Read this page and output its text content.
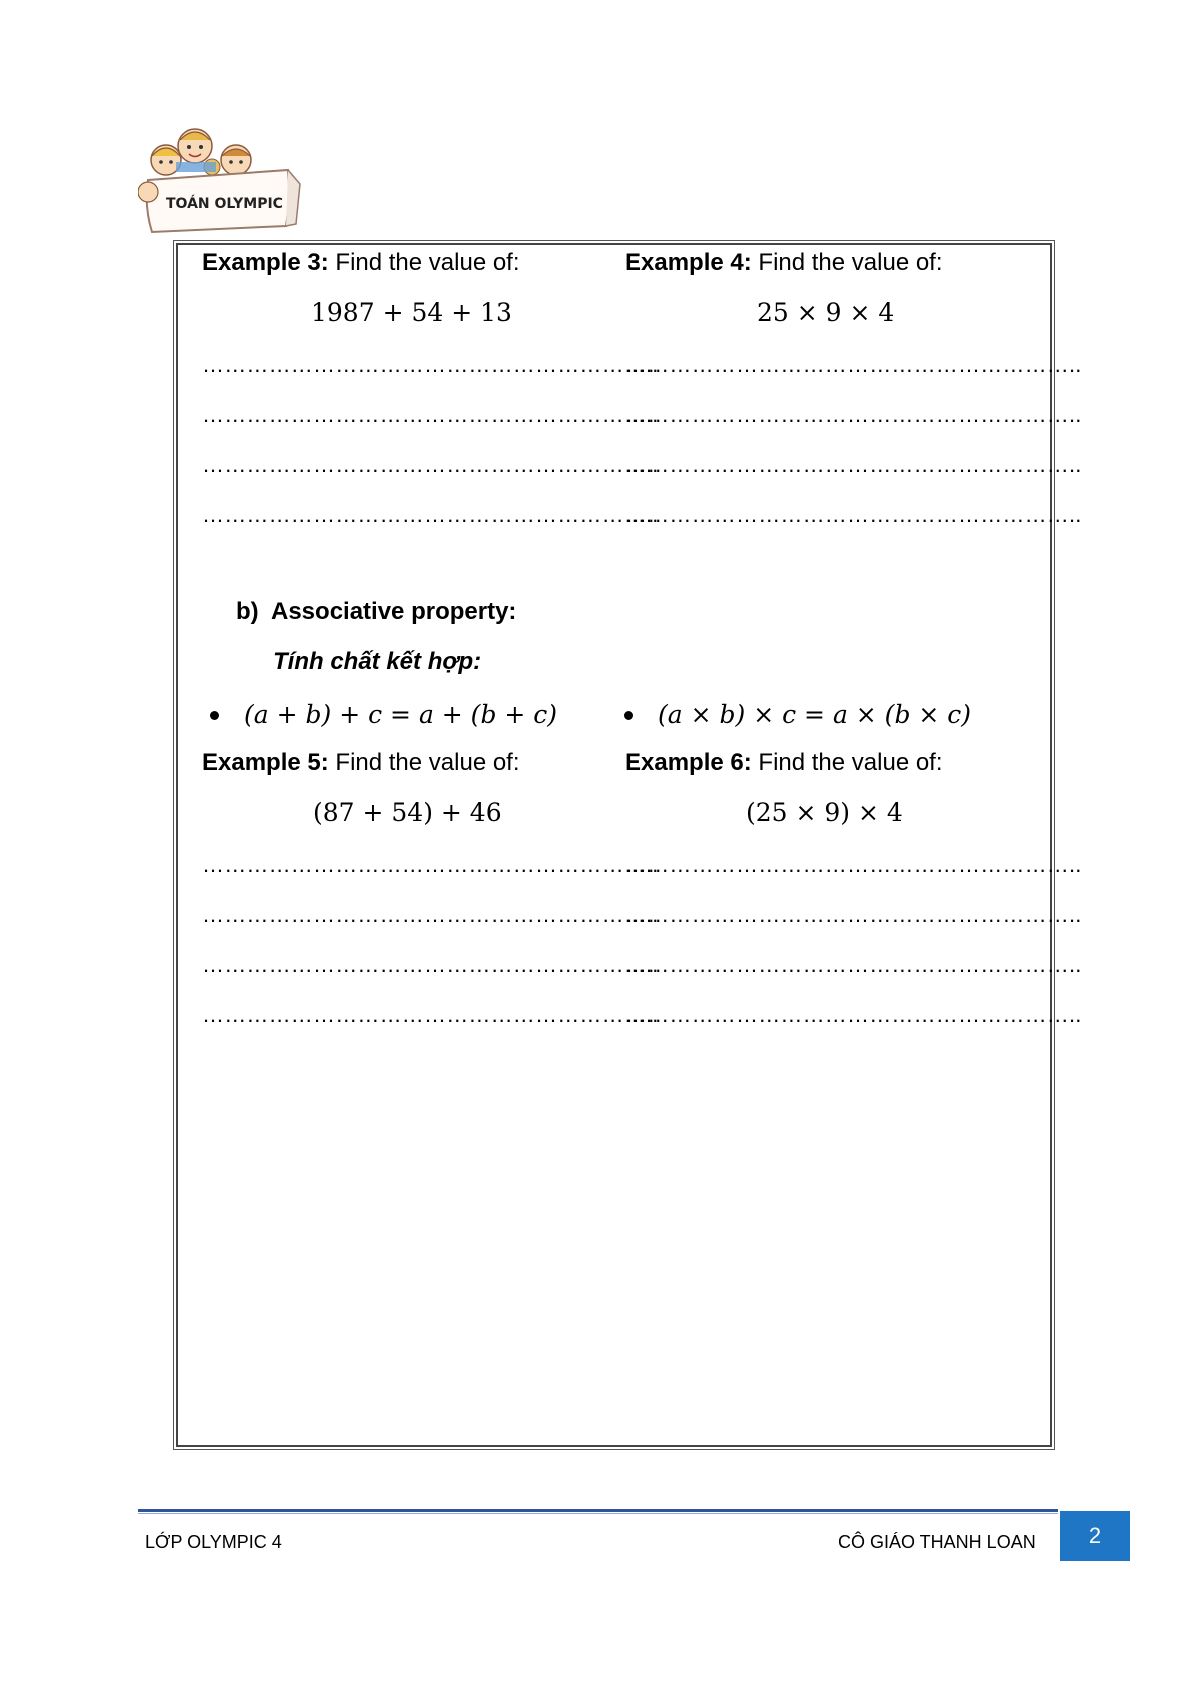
TOÁN OLYMPIC
Example 3: Find the value of:
1987 + 54 + 13
Example 4: Find the value of:
25 × 9 × 4
……………………………………………………..
……………………………………………………..
……………………………………………………..
……………………………………………………..
……………………………………………………..
……………………………………………………..
……………………………………………………..
……………………………………………………..
b) Associative property:
Tính chất kết hợp:
(a + b) + c = a + (b + c)	(a × b) × c = a × (b × c)
Example 5: Find the value of:
(87 + 54) + 46
Example 6: Find the value of:
(25 × 9) × 4
……………………………………………………..
……………………………………………………..
……………………………………………………..
……………………………………………………..
……………………………………………………..
……………………………………………………..
……………………………………………………..
……………………………………………………..
LỚP OLYMPIC 4	CÔ GIÁO THANH LOAN	2
